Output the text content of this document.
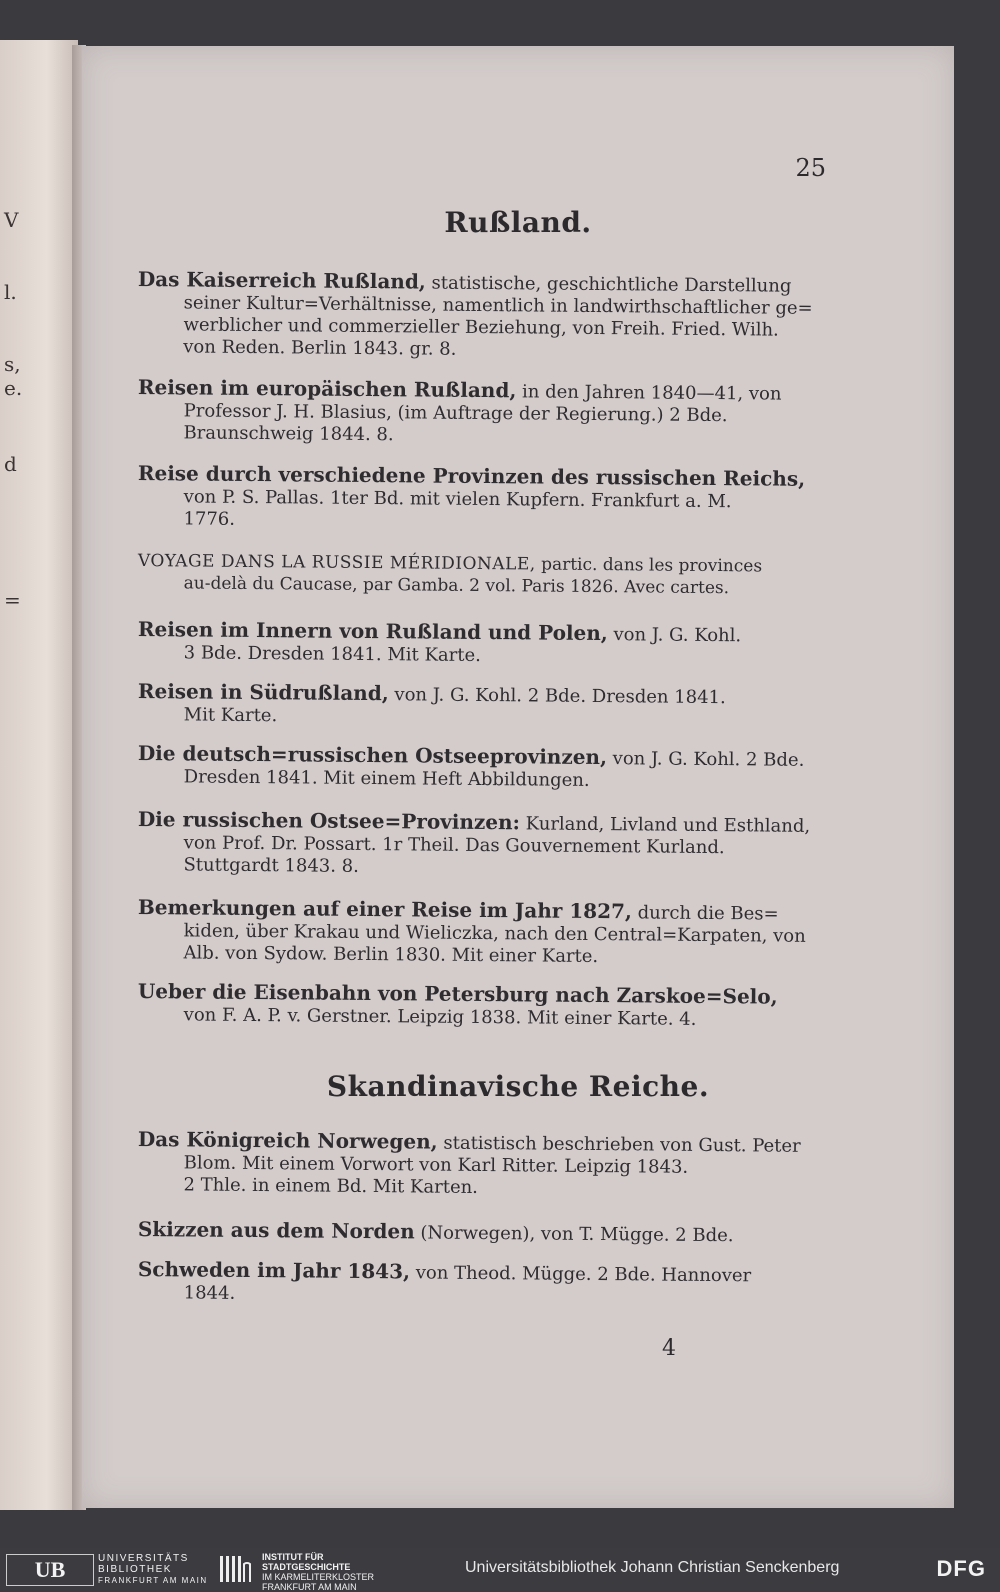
V
l.
s,
e.
d
=
25
Rußland.
Das Kaiserreich Rußland, statistische, geschichtliche Darstellung
seiner Kultur=Verhältnisse, namentlich in landwirthschaftlicher ge=
werblicher und commerzieller Beziehung, von Freih. Fried. Wilh.
von Reden. Berlin 1843. gr. 8.
Reisen im europäischen Rußland, in den Jahren 1840—41, von
Professor J. H. Blasius, (im Auftrage der Regierung.) 2 Bde.
Braunschweig 1844. 8.
Reise durch verschiedene Provinzen des russischen Reichs,
von P. S. Pallas. 1ter Bd. mit vielen Kupfern. Frankfurt a. M.
1776.
VOYAGE DANS LA RUSSIE MÉRIDIONALE, partic. dans les provinces
au-delà du Caucase, par Gamba. 2 vol. Paris 1826. Avec cartes.
Reisen im Innern von Rußland und Polen, von J. G. Kohl.
3 Bde. Dresden 1841. Mit Karte.
Reisen in Südrußland, von J. G. Kohl. 2 Bde. Dresden 1841.
Mit Karte.
Die deutsch=russischen Ostseeprovinzen, von J. G. Kohl. 2 Bde.
Dresden 1841. Mit einem Heft Abbildungen.
Die russischen Ostsee=Provinzen: Kurland, Livland und Esthland,
von Prof. Dr. Possart. 1r Theil. Das Gouvernement Kurland.
Stuttgardt 1843. 8.
Bemerkungen auf einer Reise im Jahr 1827, durch die Bes=
kiden, über Krakau und Wieliczka, nach den Central=Karpaten, von
Alb. von Sydow. Berlin 1830. Mit einer Karte.
Ueber die Eisenbahn von Petersburg nach Zarskoe=Selo,
von F. A. P. v. Gerstner. Leipzig 1838. Mit einer Karte. 4.
Skandinavische Reiche.
Das Königreich Norwegen, statistisch beschrieben von Gust. Peter
Blom. Mit einem Vorwort von Karl Ritter. Leipzig 1843.
2 Thle. in einem Bd. Mit Karten.
Skizzen aus dem Norden (Norwegen), von T. Mügge. 2 Bde.
Schweden im Jahr 1843, von Theod. Mügge. 2 Bde. Hannover
1844.
4
UB	UNIVERSITÄTS
BIBLIOTHEK
FRANKFURT AM MAIN
INSTITUT FÜR
STADTGESCHICHTE
IM KARMELITERKLOSTER
FRANKFURT AM MAIN
Universitätsbibliothek Johann Christian Senckenberg	DFG
